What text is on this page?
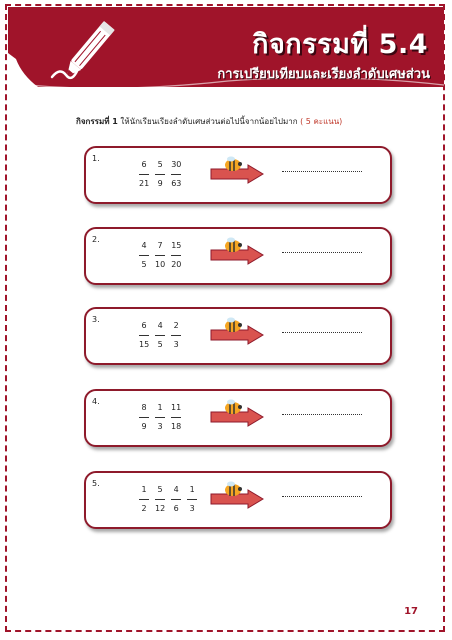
กิจกรรมที่ 5.4
การเปรียบเทียบและเรียงลำดับเศษส่วน
กิจกรรมที่ 1 ให้นักเรียนเรียงลำดับเศษส่วนต่อไปนี้จากน้อยไปมาก ( 5 คะแนน)
1.
$\frac{6}{21} \frac{5}{9} \frac{30}{63}$
2.
$\frac{4}{5} \frac{7}{10} \frac{15}{20}$
3.
$\frac{6}{15} \frac{4}{5} \frac{2}{3}$
4.
$\frac{8}{9} \frac{1}{3} \frac{11}{18}$
5.
$\frac{1}{2} \frac{5}{12} \frac{4}{6} \frac{1}{3}$
17
